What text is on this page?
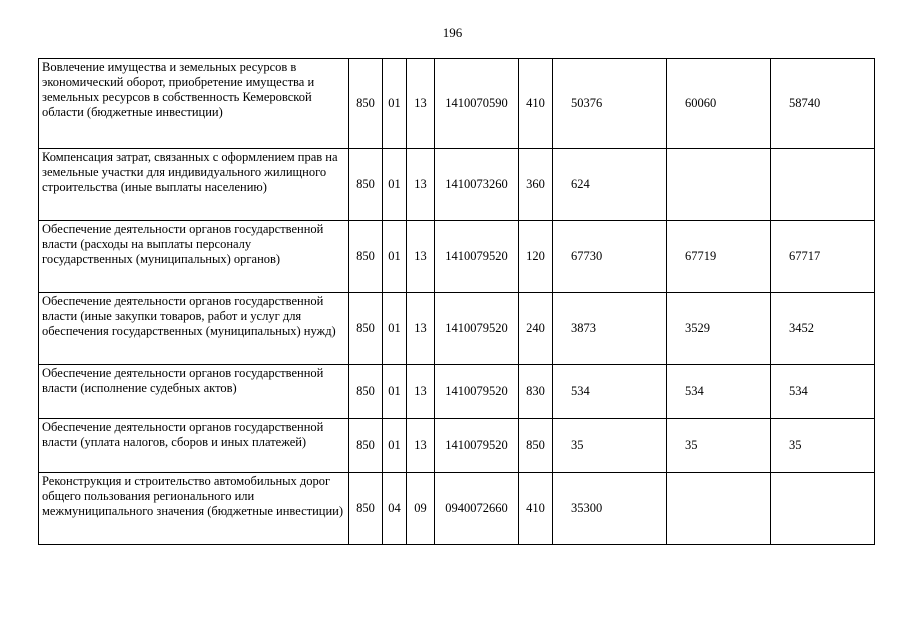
196
Вовлечение имущества и земельных ресурсов в экономический оборот, приобретение имущества и земельных ресурсов в собственность Кемеровской области (бюджетные инвестиции)	850	01	13	1410070590	410	50376	60060	58740
Компенсация затрат, связанных с оформлением прав на земельные участки для индивидуального жилищного строительства (иные выплаты населению)	850	01	13	1410073260	360	624		
Обеспечение деятельности органов государственной власти (расходы на выплаты персоналу государственных (муниципальных) органов)	850	01	13	1410079520	120	67730	67719	67717
Обеспечение деятельности органов государственной власти (иные закупки товаров, работ и услуг для обеспечения государственных (муниципальных) нужд)	850	01	13	1410079520	240	3873	3529	3452
Обеспечение деятельности органов государственной власти (исполнение судебных актов)	850	01	13	1410079520	830	534	534	534
Обеспечение деятельности органов государственной власти (уплата налогов, сборов и иных платежей)	850	01	13	1410079520	850	35	35	35
Реконструкция и строительство автомобильных дорог общего пользования регионального или межмуниципального значения (бюджетные инвестиции)	850	04	09	0940072660	410	35300		
